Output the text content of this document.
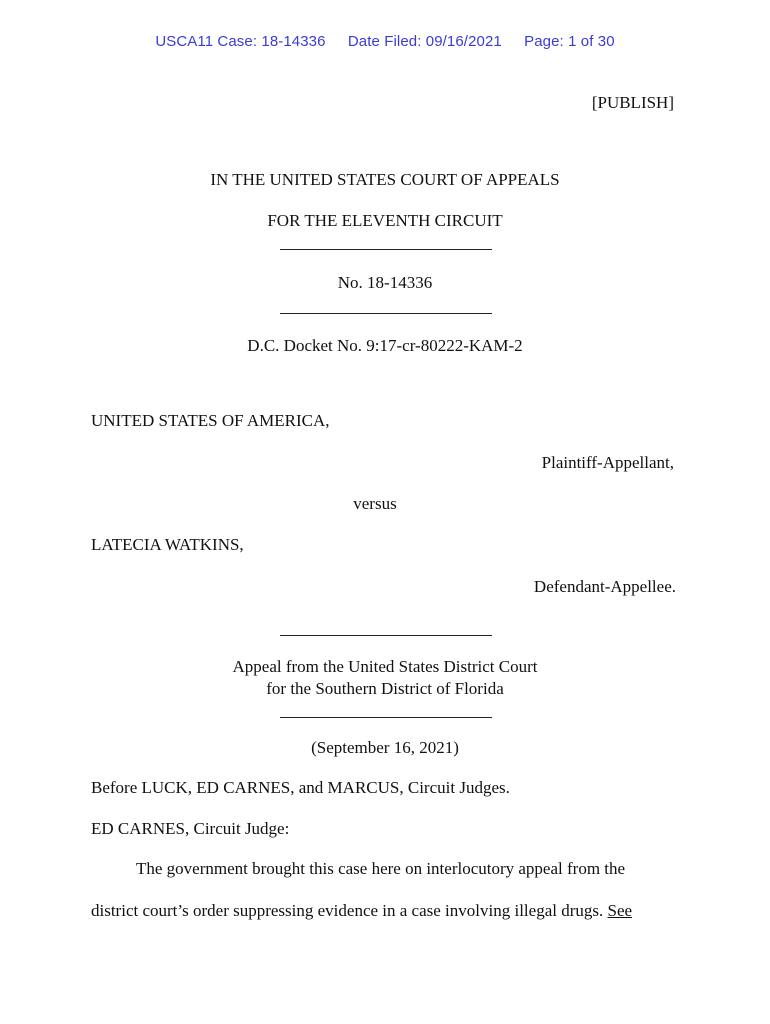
USCA11 Case: 18-14336 Date Filed: 09/16/2021 Page: 1 of 30
[PUBLISH]
IN THE UNITED STATES COURT OF APPEALS
FOR THE ELEVENTH CIRCUIT
No. 18-14336
D.C. Docket No. 9:17-cr-80222-KAM-2
UNITED STATES OF AMERICA,
Plaintiff-Appellant,
versus
LATECIA WATKINS,
Defendant-Appellee.
Appeal from the United States District Court
for the Southern District of Florida
(September 16, 2021)
Before LUCK, ED CARNES, and MARCUS, Circuit Judges.
ED CARNES, Circuit Judge:
The government brought this case here on interlocutory appeal from the
district court’s order suppressing evidence in a case involving illegal drugs. See
